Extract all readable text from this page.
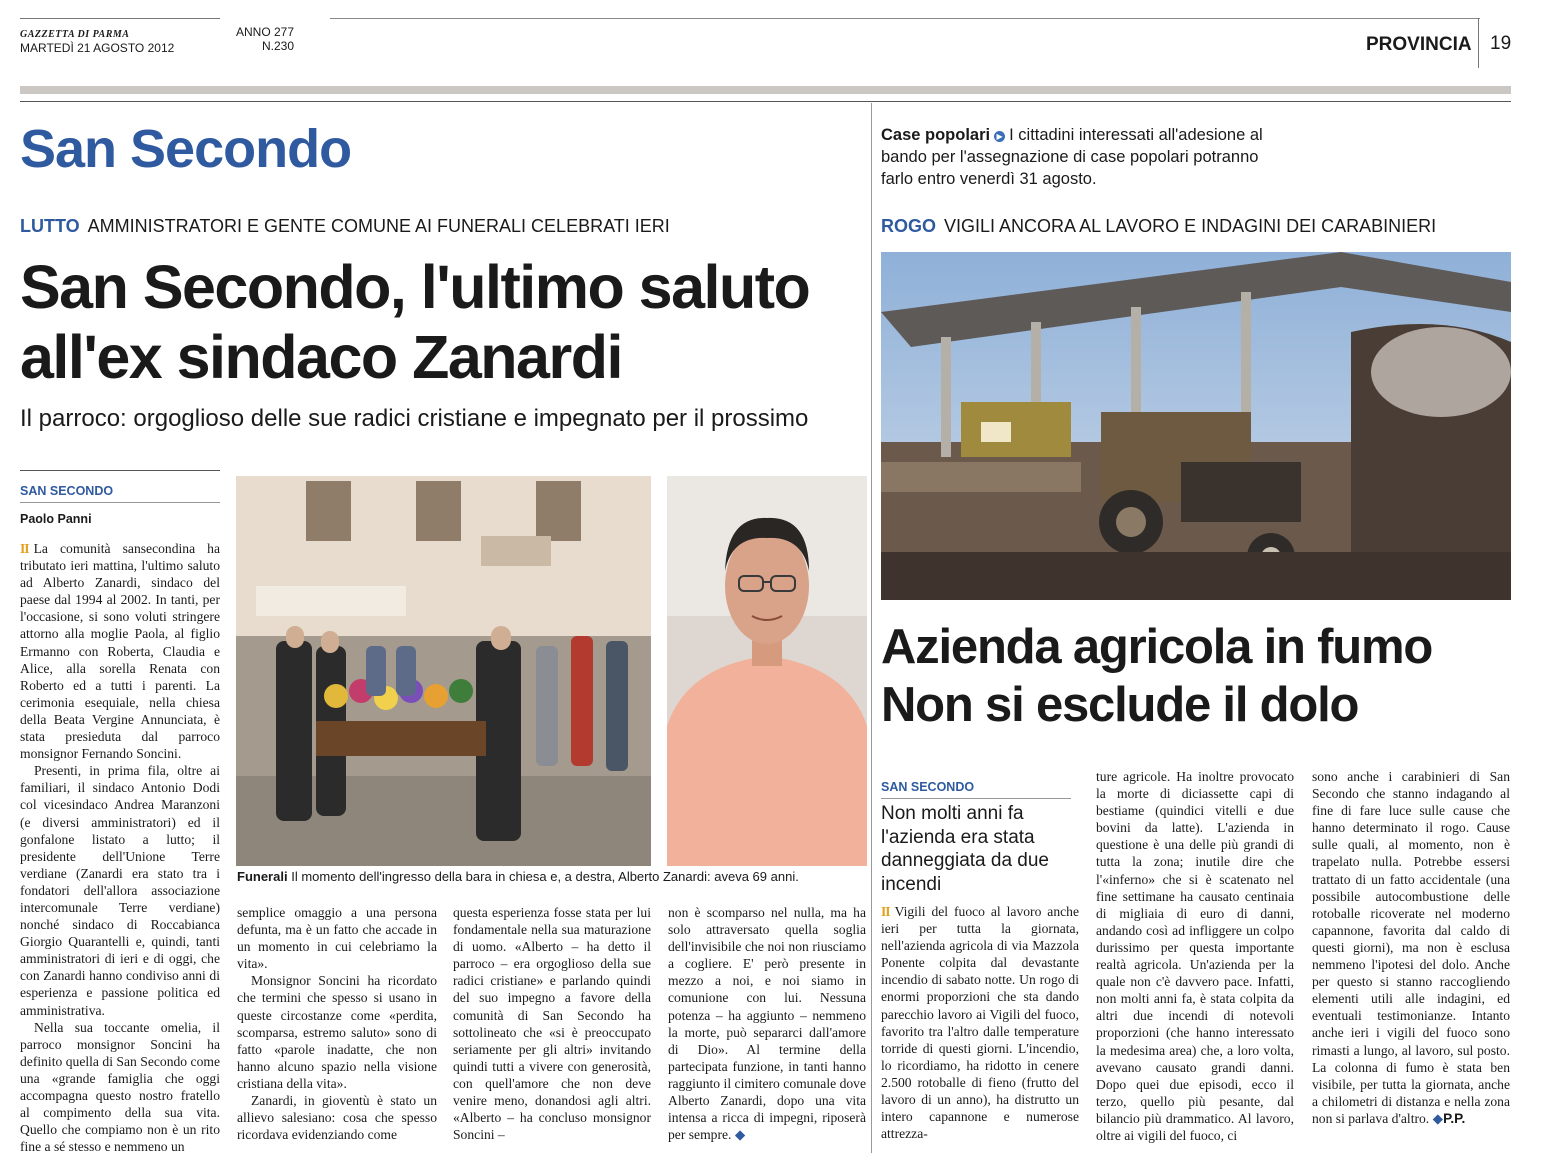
GAZZETTA DI PARMA
MARTEDÌ 21 AGOSTO 2012
ANNO 277
N.230	PROVINCIA 19
San Secondo	Case popolari ▶ I cittadini interessati all'adesione al bando per l'assegnazione di case popolari potranno farlo entro venerdì 31 agosto.
LUTTO AMMINISTRATORI E GENTE COMUNE AI FUNERALI CELEBRATI IERI	ROGO VIGILI ANCORA AL LAVORO E INDAGINI DEI CARABINIERI
San Secondo, l'ultimo saluto
all'ex sindaco Zanardi
Il parroco: orgoglioso delle sue radici cristiane e impegnato per il prossimo
SAN SECONDO
Paolo Panni

II La comunità sansecondina ha tributato ieri mattina, l'ultimo saluto ad Alberto Zanardi, sindaco del paese dal 1994 al 2002. In tanti, per l'occasione, si sono voluti stringere attorno alla moglie Paola, al figlio Ermanno con Roberta, Claudia e Alice, alla sorella Renata con Roberto ed a tutti i parenti. La cerimonia esequiale, nella chiesa della Beata Vergine Annunciata, è stata presieduta dal parroco monsignor Fernando Soncini.

Presenti, in prima fila, oltre ai familiari, il sindaco Antonio Dodi col vicesindaco Andrea Maranzoni (e diversi amministratori) ed il gonfalone listato a lutto; il presidente dell'Unione Terre verdiane (Zanardi era stato tra i fondatori dell'allora associazione intercomunale Terre verdiane) nonché sindaco di Roccabianca Giorgio Quarantelli e, quindi, tanti amministratori di ieri e di oggi, che con Zanardi hanno condiviso anni di esperienza e passione politica ed amministrativa.

Nella sua toccante omelia, il parroco monsignor Soncini ha definito quella di San Secondo come una «grande famiglia che oggi accompagna questo nostro fratello al compimento della sua vita. Quello che compiamo non è un rito fine a sé stesso e nemmeno un

Funerali Il momento dell'ingresso della bara in chiesa e, a destra, Alberto Zanardi: aveva 69 anni.

semplice omaggio a una persona defunta, ma è un fatto che accade in un momento in cui celebriamo la vita».

Monsignor Soncini ha ricordato che termini che spesso si usano in queste circostanze come «perdita, scomparsa, estremo saluto» sono di fatto «parole inadatte, che non hanno alcuno spazio nella visione cristiana della vita».

Zanardi, in gioventù è stato un allievo salesiano: cosa che spesso ricordava evidenziando come

questa esperienza fosse stata per lui fondamentale nella sua maturazione di uomo. «Alberto – ha detto il parroco – era orgoglioso della sue radici cristiane» e parlando quindi del suo impegno a favore della comunità di San Secondo ha sottolineato che «si è preoccupato seriamente per gli altri» invitando quindi tutti a vivere con generosità, con quell'amore che non deve venire meno, donandosi agli altri. «Alberto – ha concluso monsignor Soncini –

non è scomparso nel nulla, ma ha solo attraversato quella soglia dell'invisibile che noi non riusciamo a cogliere. E' però presente in mezzo a noi, e noi siamo in comunione con lui. Nessuna potenza – ha aggiunto – nemmeno la morte, può separarci dall'amore di Dio». Al termine della partecipata funzione, in tanti hanno raggiunto il cimitero comunale dove Alberto Zanardi, dopo una vita intensa a ricca di impegni, riposerà per sempre. ◆

Azienda agricola in fumo
Non si esclude il dolo
SAN SECONDO
Non molti anni fa l'azienda era stata danneggiata da due incendi

II Vigili del fuoco al lavoro anche ieri per tutta la giornata, nell'azienda agricola di via Mazzola Ponente colpita dal devastante incendio di sabato notte. Un rogo di enormi proporzioni che sta dando parecchio lavoro ai Vigili del fuoco, favorito tra l'altro dalle temperature torride di questi giorni. L'incendio, lo ricordiamo, ha ridotto in cenere 2.500 rotoballe di fieno (frutto del lavoro di un anno), ha distrutto un intero capannone e numerose attrezza-

ture agricole. Ha inoltre provocato la morte di diciassette capi di bestiame (quindici vitelli e due bovini da latte). L'azienda in questione è una delle più grandi di tutta la zona; inutile dire che l'«inferno» che si è scatenato nel fine settimane ha causato centinaia di migliaia di euro di danni, andando così ad infliggere un colpo durissimo per questa importante realtà agricola. Un'azienda per la quale non c'è davvero pace. Infatti, non molti anni fa, è stata colpita da altri due incendi di notevoli proporzioni (che hanno interessato la medesima area) che, a loro volta, avevano causato grandi danni. Dopo quei due episodi, ecco il terzo, quello più pesante, dal bilancio più drammatico. Al lavoro, oltre ai vigili del fuoco, ci

sono anche i carabinieri di San Secondo che stanno indagando al fine di fare luce sulle cause che hanno determinato il rogo. Cause sulle quali, al momento, non è trapelato nulla. Potrebbe essersi trattato di un fatto accidentale (una possibile autocombustione delle rotoballe ricoverate nel moderno capannone, favorita dal caldo di questi giorni), ma non è esclusa nemmeno l'ipotesi del dolo. Anche per questo si stanno raccogliendo elementi utili alle indagini, ed eventuali testimonianze. Intanto anche ieri i vigili del fuoco sono rimasti a lungo, al lavoro, sul posto. La colonna di fumo è stata ben visibile, per tutta la giornata, anche a chilometri di distanza e nella zona non si parlava d'altro. ◆P.P.
